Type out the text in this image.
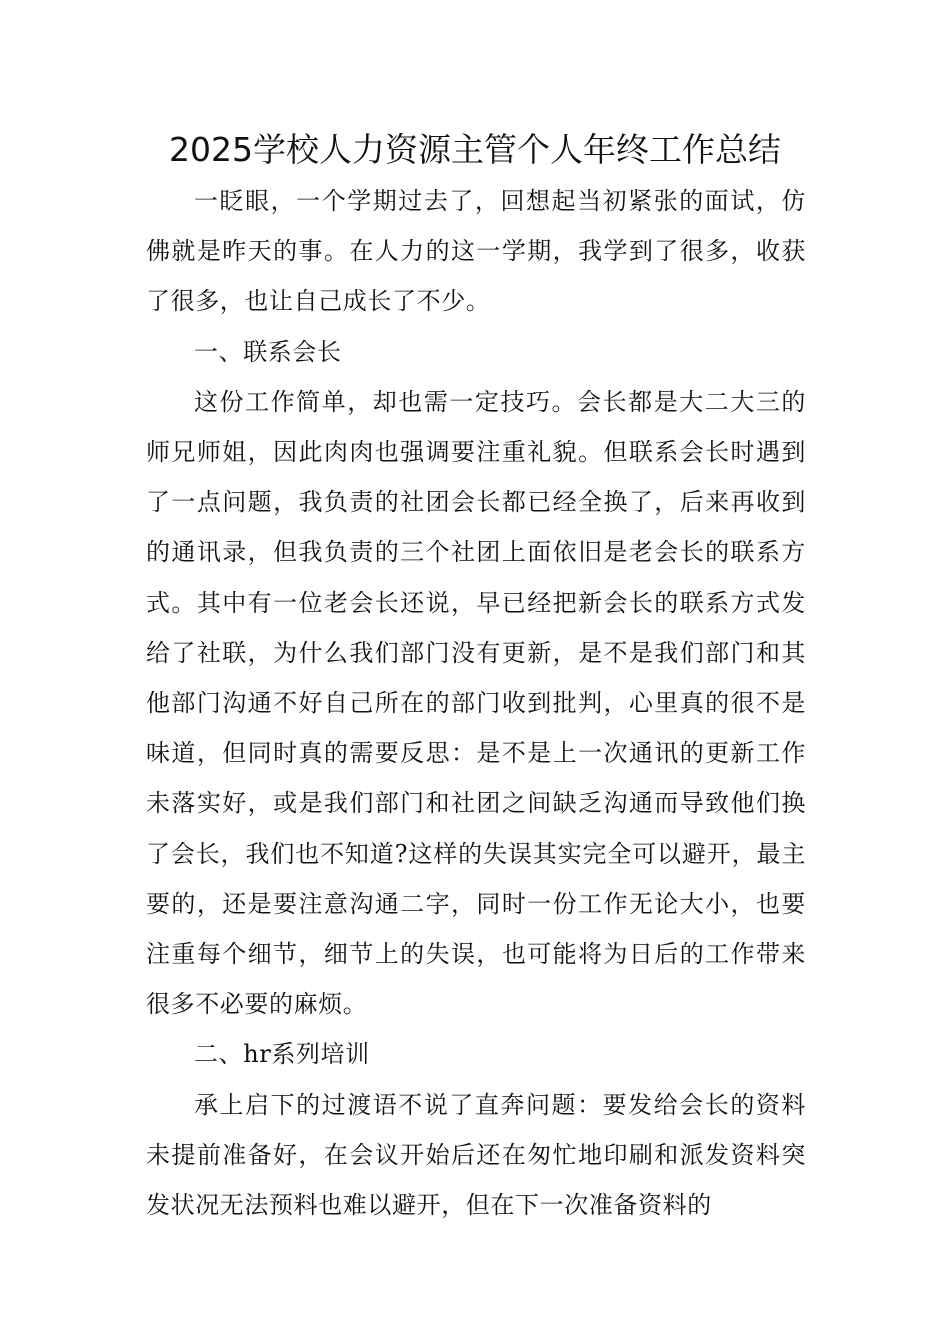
2025学校人力资源主管个人年终工作总结

一眨眼，一个学期过去了，回想起当初紧张的面试，仿佛就是昨天的事。在人力的这一学期，我学到了很多，收获了很多，也让自己成长了不少。

一、联系会长

这份工作简单，却也需一定技巧。会长都是大二大三的师兄师姐，因此肉肉也强调要注重礼貌。但联系会长时遇到了一点问题，我负责的社团会长都已经全换了，后来再收到的通讯录，但我负责的三个社团上面依旧是老会长的联系方式。其中有一位老会长还说，早已经把新会长的联系方式发给了社联，为什么我们部门没有更新，是不是我们部门和其他部门沟通不好自己所在的部门收到批判，心里真的很不是味道，但同时真的需要反思：是不是上一次通讯的更新工作未落实好，或是我们部门和社团之间缺乏沟通而导致他们换了会长，我们也不知道?这样的失误其实完全可以避开，最主要的，还是要注意沟通二字，同时一份工作无论大小，也要注重每个细节，细节上的失误，也可能将为日后的工作带来很多不必要的麻烦。

二、hr系列培训

承上启下的过渡语不说了直奔问题：要发给会长的资料未提前准备好，在会议开始后还在匆忙地印刷和派发资料突发状况无法预料也难以避开，但在下一次准备资料的
